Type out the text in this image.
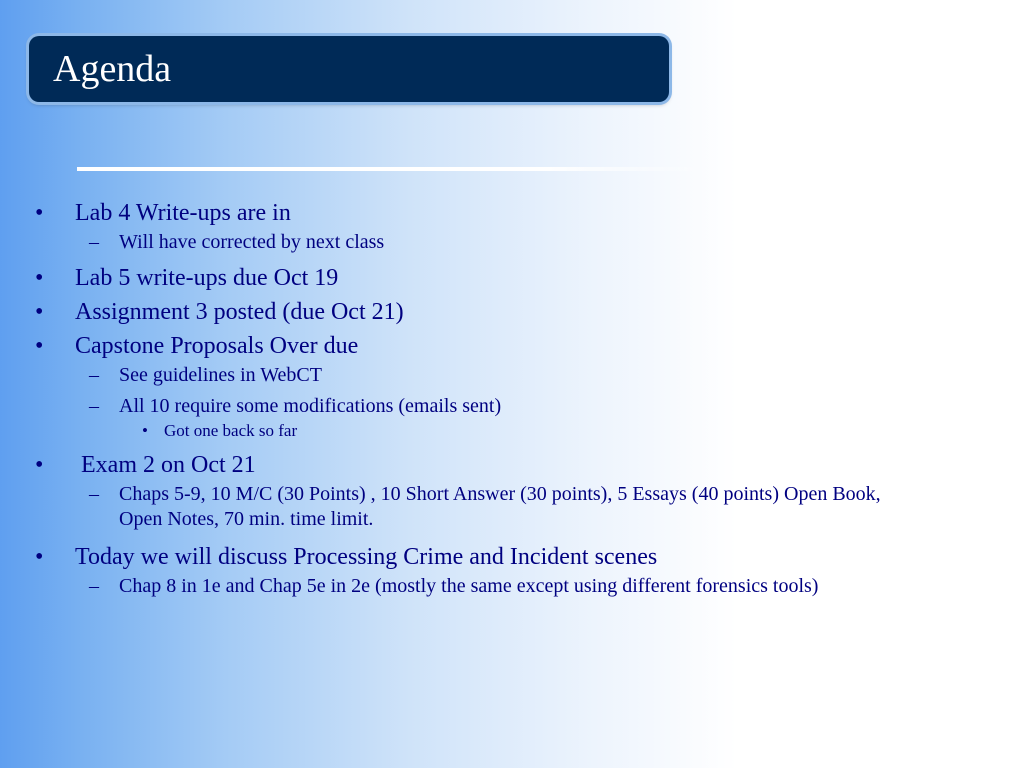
Agenda
• Lab 4 Write-ups are in
– Will have corrected by next class
• Lab 5 write-ups due Oct 19
• Assignment 3 posted (due Oct 21)
• Capstone Proposals Over due
– See guidelines in WebCT
– All 10 require some modifications (emails sent)
• Got one back so far
• Exam 2 on Oct 21
– Chaps 5-9, 10 M/C (30 Points) , 10 Short Answer (30 points), 5 Essays (40 points) Open Book, Open Notes, 70 min. time limit.
• Today we will discuss Processing Crime and Incident scenes
– Chap 8 in 1e and Chap 5e in 2e (mostly the same except using different forensics tools)
